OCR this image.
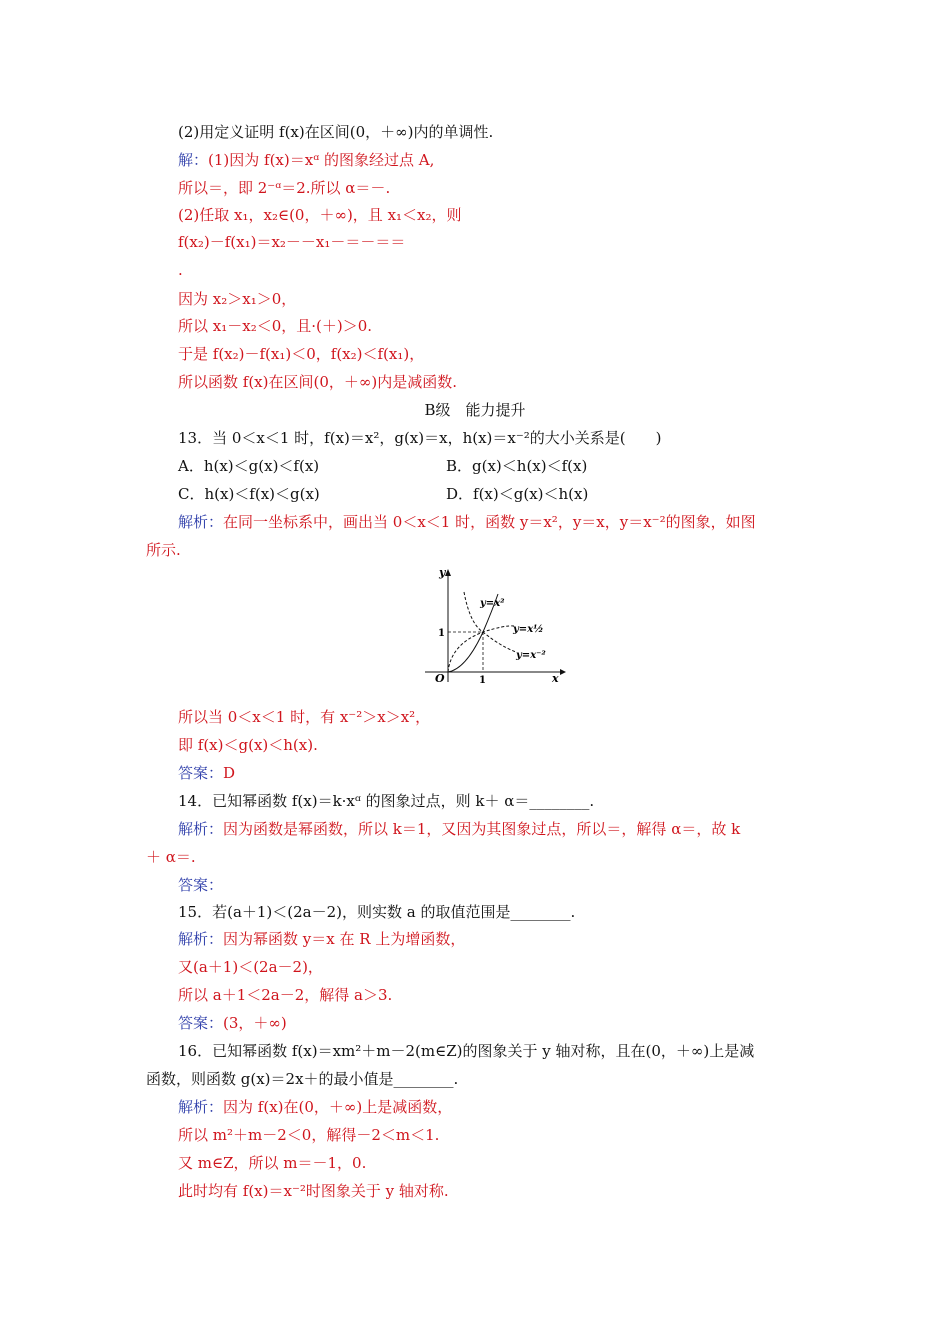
(2)用定义证明 f(x)在区间(0，＋∞)内的单调性.
解：(1)因为 f(x)＝xᵅ 的图象经过点 A,
所以＝，即 2⁻ᵅ＝2.所以 α＝－.
(2)任取 x₁，x₂∈(0，＋∞)，且 x₁＜x₂，则
f(x₂)－f(x₁)＝x₂－－x₁－＝－＝＝
.
因为 x₂＞x₁＞0，
所以 x₁－x₂＜0，且·(＋)＞0.
于是 f(x₂)－f(x₁)＜0，f(x₂)＜f(x₁)，
所以函数 f(x)在区间(0，＋∞)内是减函数.
B级　能力提升
13．当 0＜x＜1 时，f(x)＝x²，g(x)＝x，h(x)＝x⁻²的大小关系是(　　)
A．h(x)＜g(x)＜f(x)	B．g(x)＜h(x)＜f(x)
C．h(x)＜f(x)＜g(x)	D．f(x)＜g(x)＜h(x)
解析：在同一坐标系中，画出当 0＜x＜1 时，函数 y＝x²，y＝x，y＝x⁻²的图象，如图
所示.
y
x
O	1
1
y=x²
y=x½
y=x⁻²
所以当 0＜x＜1 时，有 x⁻²＞x＞x²，
即 f(x)＜g(x)＜h(x).
答案：D
14．已知幂函数 f(x)＝k·xᵅ 的图象过点，则 k＋ α＝________.
解析：因为函数是幂函数，所以 k＝1，又因为其图象过点，所以＝，解得 α＝，故 k
＋ α＝.
答案：
15．若(a＋1)＜(2a－2)，则实数 a 的取值范围是________.
解析：因为幂函数 y＝x 在 R 上为增函数，
又(a＋1)＜(2a－2)，
所以 a＋1＜2a－2，解得 a＞3.
答案：(3，＋∞)
16．已知幂函数 f(x)＝xm²＋m－2(m∈Z)的图象关于 y 轴对称，且在(0，＋∞)上是减
函数，则函数 g(x)＝2x＋的最小值是________.
解析：因为 f(x)在(0，＋∞)上是减函数，
所以 m²＋m－2＜0，解得－2＜m＜1.
又 m∈Z，所以 m＝－1，0.
此时均有 f(x)＝x⁻²时图象关于 y 轴对称.
